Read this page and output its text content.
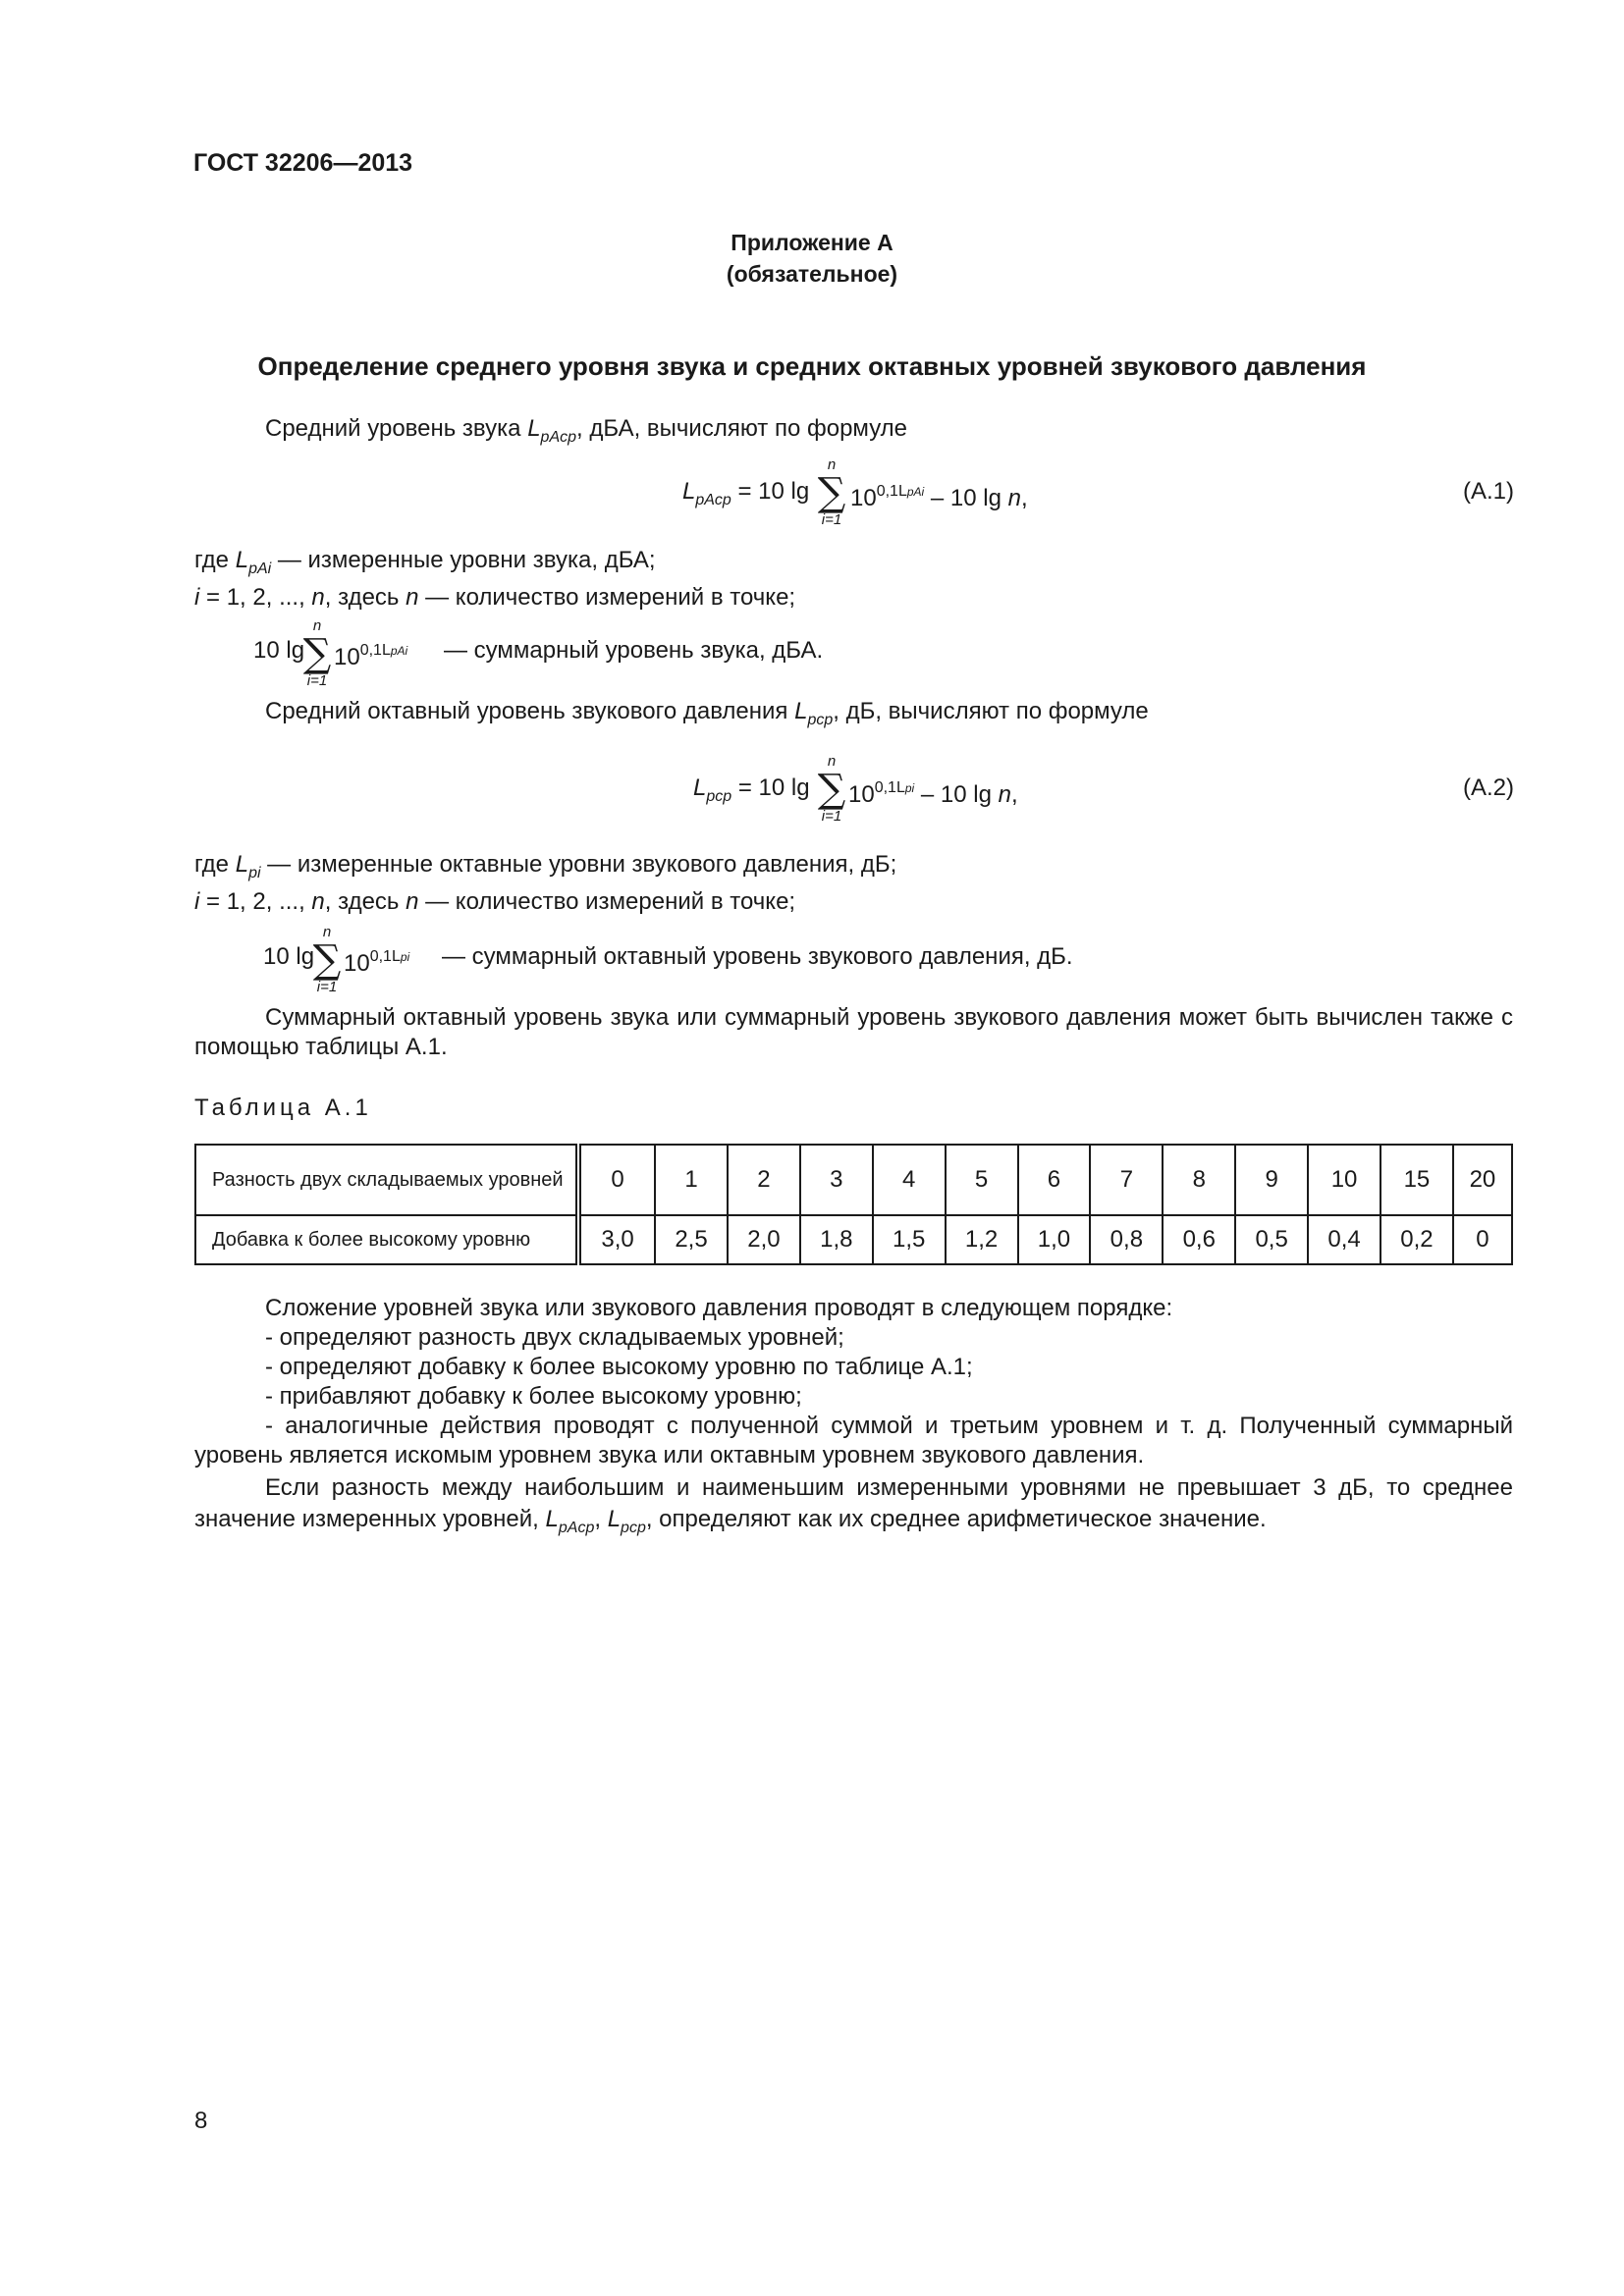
ГОСТ 32206—2013
Приложение А
(обязательное)
Определение среднего уровня звука и средних октавных уровней звукового давления
Средний уровень звука $L_{pAср}$, дБА, вычисляют по формуле
$L_{pAср} = 10$ lg
n
∑
i=1
$10^{0,1LpAi} - 10$ lg n,	(А.1)
где $L_{pAi}$ — измеренные уровни звука, дБА;
i = 1, 2, ..., n, здесь n — количество измерений в точке;
10 lg
n
∑
i=1
$10^{0,1LpAi}$ — суммарный уровень звука, дБА.
Средний октавный уровень звукового давления $L_{pср}$, дБ, вычисляют по формуле
$L_{pср} = 10$ lg
n
∑
i=1
$10^{0,1Lpi} - 10$ lg n,	(А.2)
где $L_{pi}$ — измеренные октавные уровни звукового давления, дБ;
i = 1, 2, ..., n, здесь n — количество измерений в точке;
10 lg
n
∑
i=1
$10^{0,1Lpi}$ — суммарный октавный уровень звукового давления, дБ.
Суммарный октавный уровень звука или суммарный уровень звукового давления может быть вычислен также с помощью таблицы А.1.
Таблица А.1
Разность двух складываемых уровней	0	1	2	3	4	5	6	7	8	9	10	15	20
Добавка к более высокому уровню	3,0	2,5	2,0	1,8	1,5	1,2	1,0	0,8	0,6	0,5	0,4	0,2	0
Сложение уровней звука или звукового давления проводят в следующем порядке:
- определяют разность двух складываемых уровней;
- определяют добавку к более высокому уровню по таблице А.1;
- прибавляют добавку к более высокому уровню;
- аналогичные действия проводят с полученной суммой и третьим уровнем и т. д. Полученный суммарный уровень является искомым уровнем звука или октавным уровнем звукового давления.
Если разность между наибольшим и наименьшим измеренными уровнями не превышает 3 дБ, то среднее значение измеренных уровней, $L_{pAср}$, $L_{pср}$, определяют как их среднее арифметическое значение.
8
